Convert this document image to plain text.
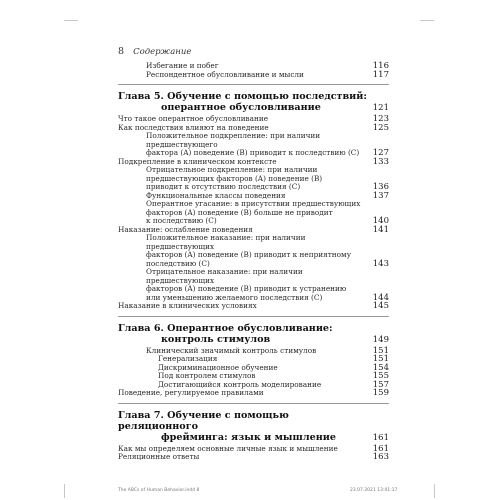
8 Содержание
Избегание и побег	116
Респондентное обусловливание и мысли	117
Глава 5. Обучение с помощью последствий:
оперантное обусловливание	121
Что такое оперантное обусловливание	123
Как последствия влияют на поведение	125
Положительное подкрепление: при наличии предшествующего
фактора (A) поведение (B) приводит к последствию (C)	127
Подкрепление в клиническом контексте	133
Отрицательное подкрепление: при наличии
предшествующих факторов (A) поведение (B)
приводит к отсутствию последствия (C)	136
Функциональные классы поведения	137
Оперантное угасание: в присутствии предшествующих
факторов (A) поведение (B) больше не приводит
к последствию (C)	140
Наказание: ослабление поведения	141
Положительное наказание: при наличии предшествующих
факторов (A) поведение (B) приводит к неприятному
последствию (C)	143
Отрицательное наказание: при наличии предшествующих
факторов (A) поведение (B) приводит к устранению
или уменьшению желаемого последствия (C)	144
Наказание в клинических условиях	145
Глава 6. Оперантное обусловливание:
контроль стимулов	149
Клинический значимый контроль стимулов	151
Генерализация	151
Дискриминационное обучение	154
Под контролем стимулов	155
Достигающийся контроль моделирование	157
Поведение, регулируемое правилами	159
Глава 7. Обучение с помощью реляционного
фрейминга: язык и мышление	161
Как мы определяем основные личные язык и мышление	161
Реляционные ответы	163
The ABCs of Human Behavior.indd 8	23.07.2021 13:01:17
